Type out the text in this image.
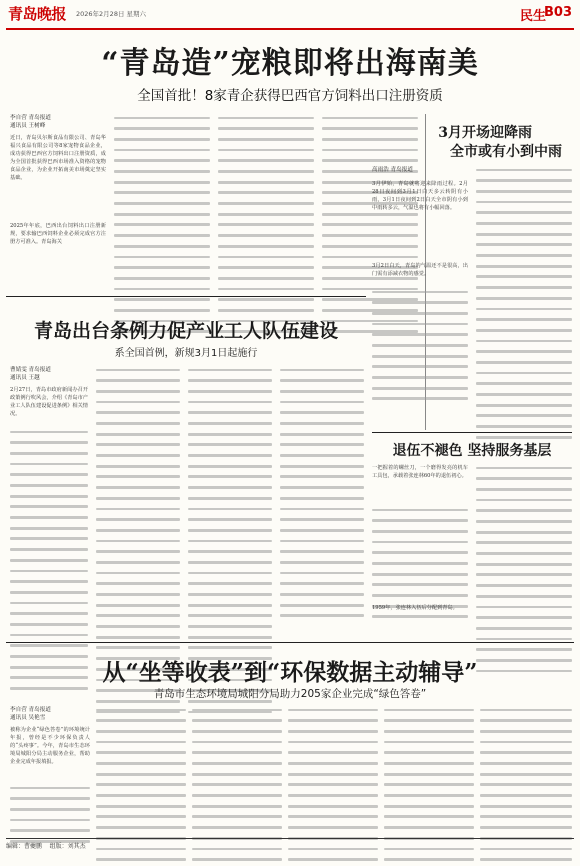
青岛晚报 2026年2月28日 星期六	民生
B03
“青岛造”宠粮即将出海南美
全国首批！8家青企获得巴西官方饲料出口注册资质
李自营 青岛报道
通讯员 王树峰
近日，青岛贝尔斯食品有限公司、青岛华福兴食品有限公司等8家宠物食品企业，成功获得巴西官方饲料出口注册资质，成为全国首批获得巴西市场准入资格的宠物食品企业，为企业开拓南美市场奠定坚实基础。
2025年年底，巴西出台饲料出口注册新规，要求输巴西饲料企业必须完成官方注册方可准入。青岛海关
3月开场迎降雨
全市或有小到中雨
高雨浩 青岛报道
3月伊始，青岛就将迎来降雨过程。2月28日夜间到3月1日白天多云转阴有小雨，3月1日夜间到2日白天全市阴有小到中雨转多云，气温也将有小幅回落。
3月2日白天，青岛的气温还不是很高，出门需有添减衣物的感觉。
青岛出台条例力促产业工人队伍建设
系全国首例，新规3月1日起施行
曹婧雯 青岛报道
通讯员 王越
2月27日，青岛市政府新闻办召开政策例行吹风会，介绍《青岛市产业工人队伍建设促进条例》相关情况。
退伍不褪色 坚持服务基层
一把握着的螺丝刀，一个磨得发亮的机车工具包，承载着张连林60年的退伍初心。
1959年，张连林入伍后分配到青岛。
从“坐等收表”到“环保数据主动辅导”
青岛市生态环境局城阳分局助力205家企业完成“绿色答卷”
李自营 青岛报道
通讯员 吴艳雪
被称为企业“绿色答卷”的环境统计年报，曾经是不少环保负责人的“头疼事”。今年，青岛市生态环境局城阳分局主动服务企业，帮助企业完成年报填报。
编辑：曹夔鹏 组版：刘其杰
